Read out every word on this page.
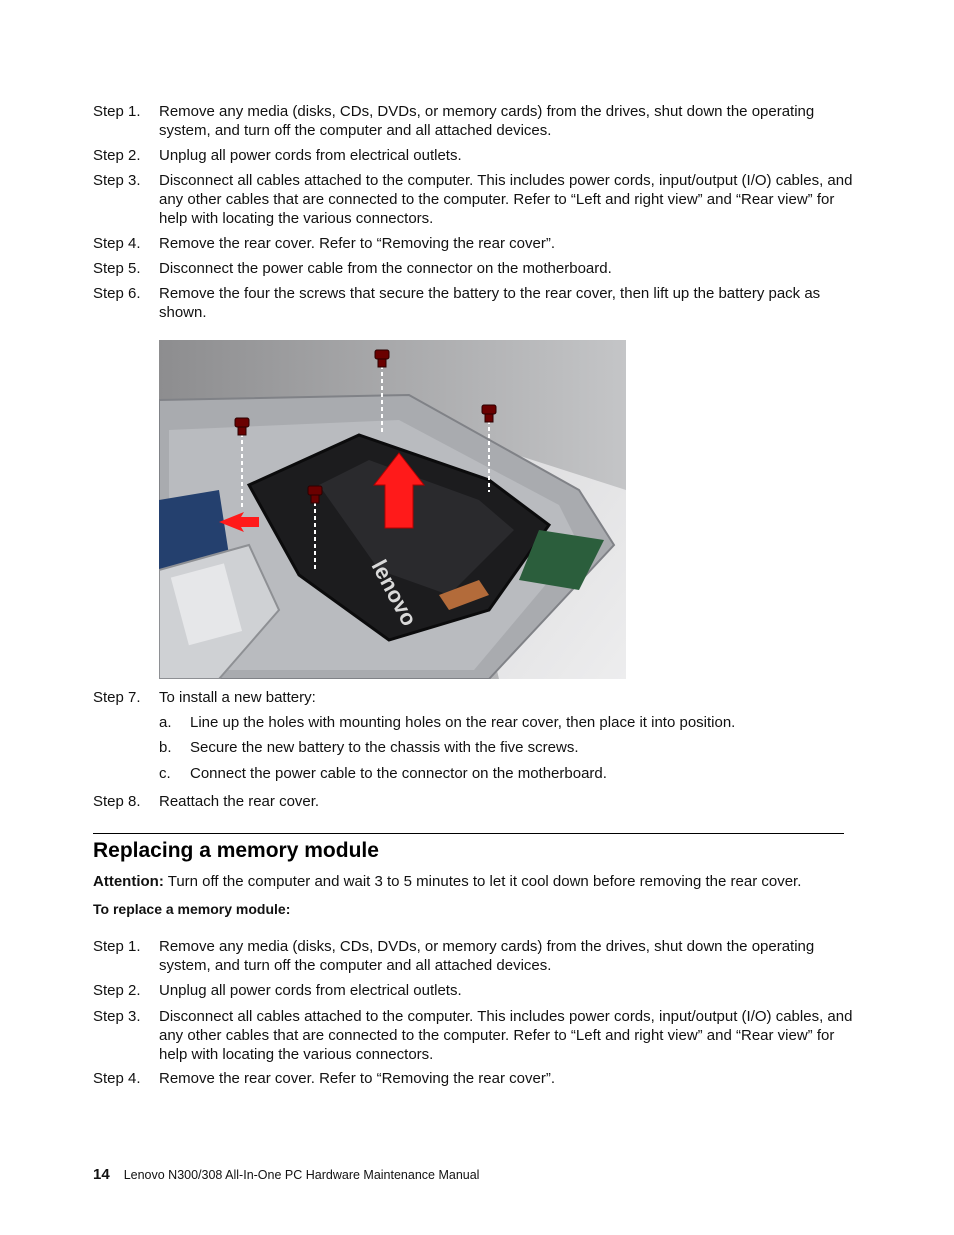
Step 1.	Remove any media (disks, CDs, DVDs, or memory cards) from the drives, shut down the operating system, and turn off the computer and all attached devices.
Step 2.	Unplug all power cords from electrical outlets.
Step 3.	Disconnect all cables attached to the computer. This includes power cords, input/output (I/O) cables, and any other cables that are connected to the computer. Refer to “Left and right view” and “Rear view” for help with locating the various connectors.
Step 4.	Remove the rear cover. Refer to “Removing the rear cover”.
Step 5.	Disconnect the power cable from the connector on the motherboard.
Step 6.	Remove the four the screws that secure the battery to the rear cover, then lift up the battery pack as shown.
lenovo
Step 7.	To install a new battery:
a. Line up the holes with mounting holes on the rear cover, then place it into position.
b. Secure the new battery to the chassis with the five screws.
c. Connect the power cable to the connector on the motherboard.
Step 8.	Reattach the rear cover.
Replacing a memory module
Attention: Turn off the computer and wait 3 to 5 minutes to let it cool down before removing the rear cover.
To replace a memory module:
Step 1.	Remove any media (disks, CDs, DVDs, or memory cards) from the drives, shut down the operating system, and turn off the computer and all attached devices.
Step 2.	Unplug all power cords from electrical outlets.
Step 3.	Disconnect all cables attached to the computer. This includes power cords, input/output (I/O) cables, and any other cables that are connected to the computer. Refer to “Left and right view” and “Rear view” for help with locating the various connectors.
Step 4.	Remove the rear cover. Refer to “Removing the rear cover”.
14 Lenovo N300/308 All-In-One PC Hardware Maintenance Manual
